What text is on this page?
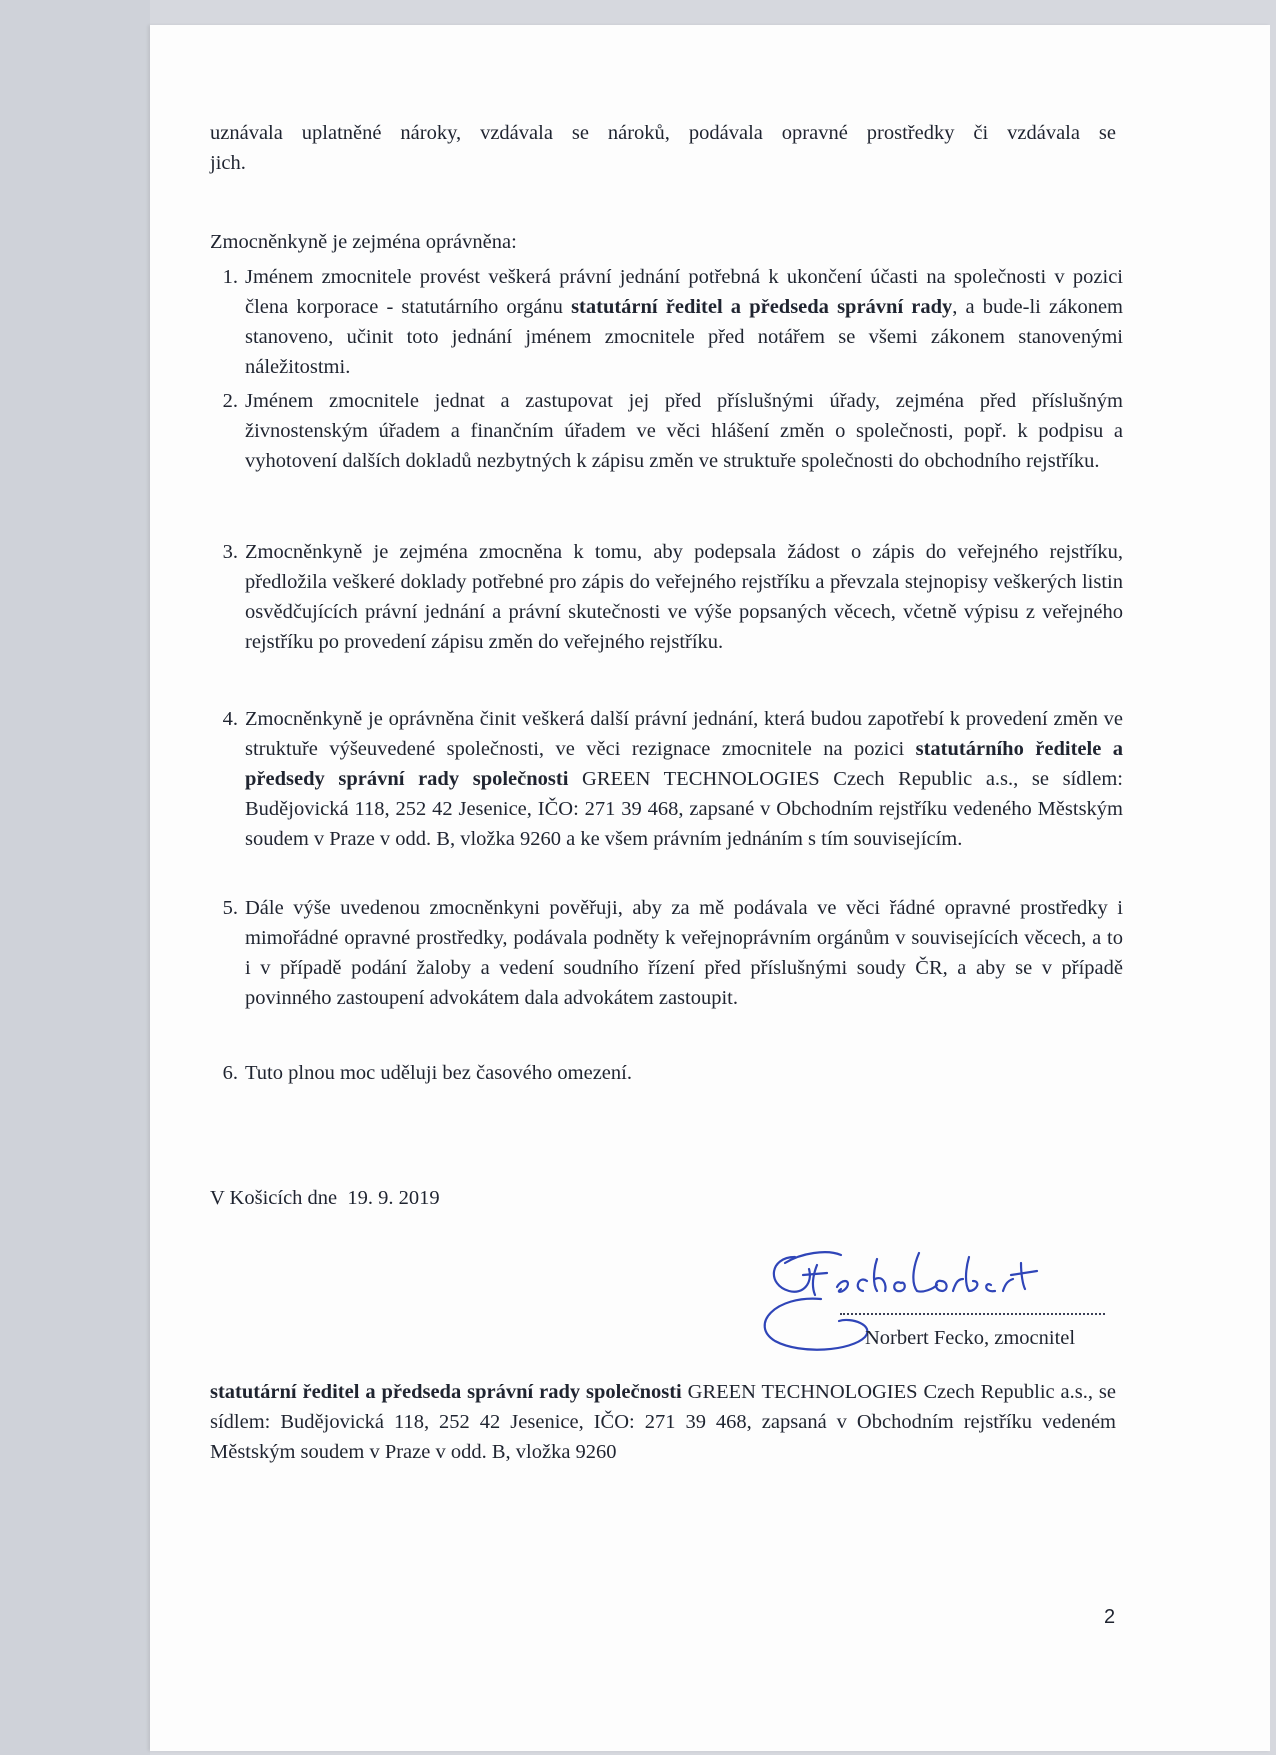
uznávala uplatněné nároky, vzdávala se nároků, podávala opravné prostředky či vzdávala se
jich.
Zmocněnkyně je zejména oprávněna:
1. Jménem zmocnitele provést veškerá právní jednání potřebná k ukončení účasti na společnosti v pozici člena korporace - statutárního orgánu statutární ředitel a předseda správní rady, a bude-li zákonem stanoveno, učinit toto jednání jménem zmocnitele před notářem se všemi zákonem stanovenými náležitostmi.
2. Jménem zmocnitele jednat a zastupovat jej před příslušnými úřady, zejména před příslušným živnostenským úřadem a finančním úřadem ve věci hlášení změn o společnosti, popř. k podpisu a vyhotovení dalších dokladů nezbytných k zápisu změn ve struktuře společnosti do obchodního rejstříku.
3. Zmocněnkyně je zejména zmocněna k tomu, aby podepsala žádost o zápis do veřejného rejstříku, předložila veškeré doklady potřebné pro zápis do veřejného rejstříku a převzala stejnopisy veškerých listin osvědčujících právní jednání a právní skutečnosti ve výše popsaných věcech, včetně výpisu z veřejného rejstříku po provedení zápisu změn do veřejného rejstříku.
4. Zmocněnkyně je oprávněna činit veškerá další právní jednání, která budou zapotřebí k provedení změn ve struktuře výšeuvedené společnosti, ve věci rezignace zmocnitele na pozici statutárního ředitele a předsedy správní rady společnosti GREEN TECHNOLOGIES Czech Republic a.s., se sídlem: Budějovická 118, 252 42 Jesenice, IČO: 271 39 468, zapsané v Obchodním rejstříku vedeného Městským soudem v Praze v odd. B, vložka 9260 a ke všem právním jednáním s tím souvisejícím.
5. Dále výše uvedenou zmocněnkyni pověřuji, aby za mě podávala ve věci řádné opravné prostředky i mimořádné opravné prostředky, podávala podněty k veřejnoprávním orgánům v souvisejících věcech, a to i v případě podání žaloby a vedení soudního řízení před příslušnými soudy ČR, a aby se v případě povinného zastoupení advokátem dala advokátem zastoupit.
6. Tuto plnou moc uděluji bez časového omezení.
V Košicích dne 19. 9. 2019
Norbert Fecko, zmocnitel
statutární ředitel a předseda správní rady společnosti GREEN TECHNOLOGIES Czech Republic a.s., se sídlem: Budějovická 118, 252 42 Jesenice, IČO: 271 39 468, zapsaná v Obchodním rejstříku vedeném Městským soudem v Praze v odd. B, vložka 9260
2
